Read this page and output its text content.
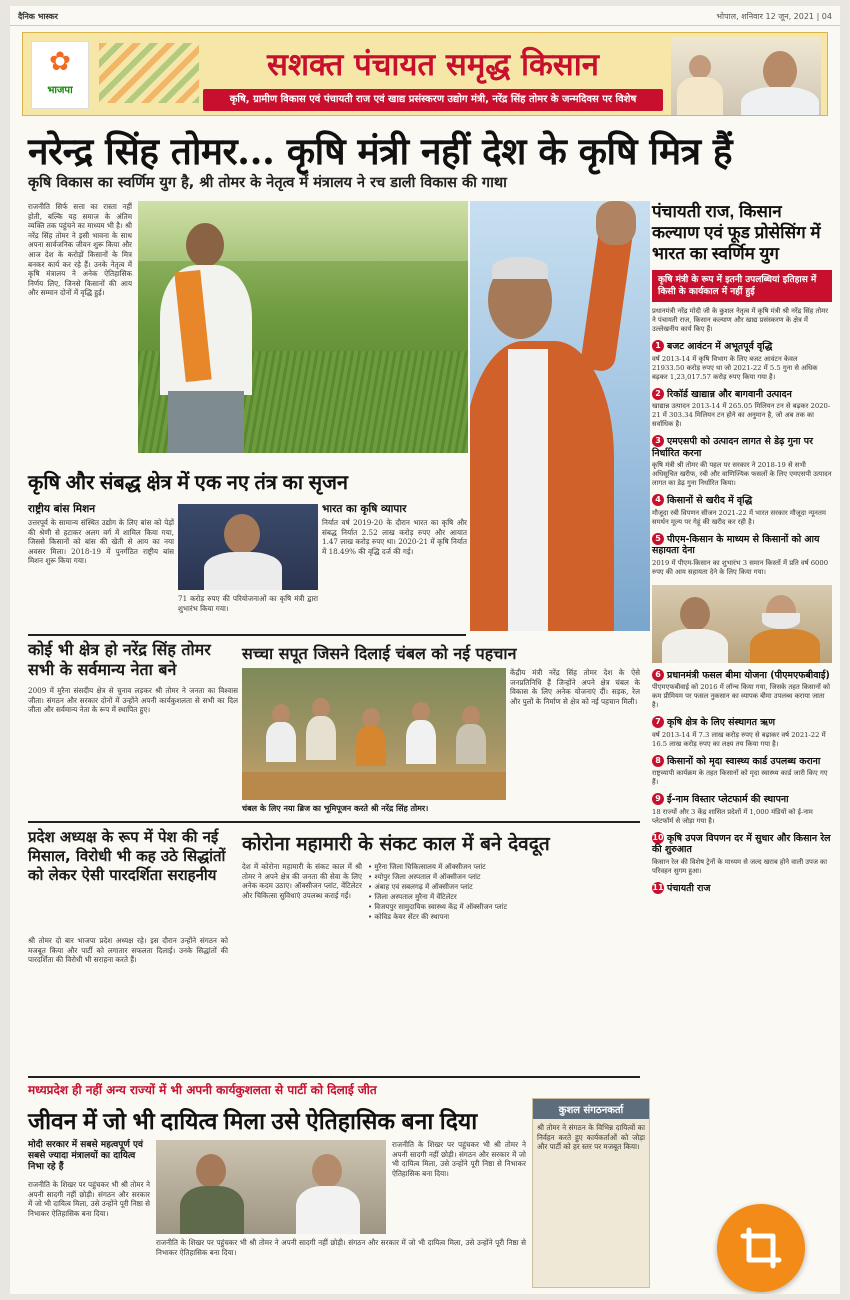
दैनिक भास्कर	भोपाल, शनिवार 12 जून, 2021 | 04
✿
भाजपा
सशक्त पंचायत समृद्ध किसान
कृषि, ग्रामीण विकास एवं पंचायती राज एवं खाद्य प्रसंस्करण उद्योग मंत्री, नरेंद्र सिंह तोमर के जन्मदिवस पर विशेष
नरेन्द्र सिंह तोमर... कृषि मंत्री नहीं देश के कृषि मित्र हैं
कृषि विकास का स्वर्णिम युग है, श्री तोमर के नेतृत्व में मंत्रालय ने रच डाली विकास की गाथा
राजनीति सिर्फ सत्ता का रास्ता नहीं होती, बल्कि यह समाज के अंतिम व्यक्ति तक पहुंचने का माध्यम भी है। श्री नरेंद्र सिंह तोमर ने इसी भावना के साथ अपना सार्वजनिक जीवन शुरू किया और आज देश के करोड़ों किसानों के मित्र बनकर कार्य कर रहे हैं। उनके नेतृत्व में कृषि मंत्रालय ने अनेक ऐतिहासिक निर्णय लिए, जिनसे किसानों की आय और सम्मान दोनों में वृद्धि हुई।
पंचायती राज, किसान कल्याण एवं फूड प्रोसेसिंग में भारत का स्वर्णिम युग
कृषि मंत्री के रूप में इतनी उपलब्धियां इतिहास में किसी के कार्यकाल में नहीं हुई
प्रधानमंत्री नरेंद्र मोदी जी के कुशल नेतृत्व में कृषि मंत्री श्री नरेंद्र सिंह तोमर ने पंचायती राज, किसान कल्याण और खाद्य प्रसंस्करण के क्षेत्र में उल्लेखनीय कार्य किए हैं।
1 बजट आवंटन में अभूतपूर्व वृद्धि
वर्ष 2013-14 में कृषि विभाग के लिए बजट आवंटन केवल 21933.50 करोड़ रुपए था जो 2021-22 में 5.5 गुना से अधिक बढ़कर 1,23,017.57 करोड़ रुपए किया गया है।
2 रिकॉर्ड खाद्यान्न और बागवानी उत्पादन
खाद्यान्न उत्पादन 2013-14 में 265.05 मिलियन टन से बढ़कर 2020-21 में 303.34 मिलियन टन होने का अनुमान है, जो अब तक का सर्वाधिक है।
3 एमएसपी को उत्पादन लागत से डेढ़ गुना पर निर्धारित करना
कृषि मंत्री श्री तोमर की पहल पर सरकार ने 2018-19 से सभी अधिसूचित खरीफ, रबी और वाणिज्यिक फसलों के लिए एमएसपी उत्पादन लागत का डेढ़ गुना निर्धारित किया।
4 किसानों से खरीद में वृद्धि
मौजूदा रबी विपणन सीजन 2021-22 में भारत सरकार मौजूदा न्यूनतम समर्थन मूल्य पर गेहूं की खरीद कर रही है।
5 पीएम-किसान के माध्यम से किसानों को आय सहायता देना
2019 में पीएम-किसान का शुभारंभ 3 समान किस्तों में प्रति वर्ष 6000 रुपए की आय सहायता देने के लिए किया गया।
6 प्रधानमंत्री फसल बीमा योजना (पीएमएफबीवाई)
पीएमएफबीवाई को 2016 में लॉन्च किया गया, जिसके तहत किसानों को कम प्रीमियम पर फसल नुकसान का व्यापक बीमा उपलब्ध कराया जाता है।
7 कृषि क्षेत्र के लिए संस्थागत ऋण
वर्ष 2013-14 में 7.3 लाख करोड़ रुपए से बढ़ाकर वर्ष 2021-22 में 16.5 लाख करोड़ रुपए का लक्ष्य तय किया गया है।
8 किसानों को मृदा स्वास्थ्य कार्ड उपलब्ध कराना
राष्ट्रव्यापी कार्यक्रम के तहत किसानों को मृदा स्वास्थ्य कार्ड जारी किए गए हैं।
9 ई-नाम विस्तार प्लेटफार्म की स्थापना
18 राज्यों और 3 केंद्र शासित प्रदेशों में 1,000 मंडियों को ई-नाम प्लेटफॉर्म से जोड़ा गया है।
10 कृषि उपज विपणन दर में सुधार और किसान रेल की शुरुआत
किसान रेल की विशेष ट्रेनों के माध्यम से जल्द खराब होने वाली उपज का परिवहन सुगम हुआ।
11 पंचायती राज
कृषि और संबद्ध क्षेत्र में एक नए तंत्र का सृजन
राष्ट्रीय बांस मिशन
उत्तरपूर्व के सामान्य संस्थित उद्योग के लिए बांस को पेड़ों की श्रेणी से हटाकर अलग वर्ग में शामिल किया गया, जिससे किसानों को बांस की खेती से आय का नया अवसर मिला। 2018-19 में पुनर्गठित राष्ट्रीय बांस मिशन शुरू किया गया।
71 करोड़ रुपए की परियोजनाओं का कृषि मंत्री द्वारा शुभारंभ किया गया।
भारत का कृषि व्यापार
निर्यात वर्ष 2019-20 के दौरान भारत का कृषि और संबद्ध निर्यात 2.52 लाख करोड़ रुपए और आयात 1.47 लाख करोड़ रुपए था। 2020-21 में कृषि निर्यात में 18.49% की वृद्धि दर्ज की गई।
कोई भी क्षेत्र हो नरेंद्र सिंह तोमर सभी के सर्वमान्य नेता बने
2009 में मुरैना संसदीय क्षेत्र से चुनाव लड़कर श्री तोमर ने जनता का विश्वास जीता। संगठन और सरकार दोनों में उन्होंने अपनी कार्यकुशलता से सभी का दिल जीता और सर्वमान्य नेता के रूप में स्थापित हुए।
सच्चा सपूत जिसने दिलाई चंबल को नई पहचान
चंबल के लिए नया ब्रिज का भूमिपूजन करते श्री नरेंद्र सिंह तोमर।
केंद्रीय मंत्री नरेंद्र सिंह तोमर देश के ऐसे जनप्रतिनिधि हैं जिन्होंने अपने क्षेत्र चंबल के विकास के लिए अनेक योजनाएं दीं। सड़क, रेल और पुलों के निर्माण से क्षेत्र को नई पहचान मिली।
प्रदेश अध्यक्ष के रूप में पेश की नई मिसाल, विरोधी भी कह उठे सिद्धांतों को लेकर ऐसी पारदर्शिता सराहनीय
श्री तोमर दो बार भाजपा प्रदेश अध्यक्ष रहे। इस दौरान उन्होंने संगठन को मजबूत किया और पार्टी को लगातार सफलता दिलाई। उनके सिद्धांतों की पारदर्शिता की विरोधी भी सराहना करते हैं।
कोरोना महामारी के संकट काल में बने देवदूत
देश में कोरोना महामारी के संकट काल में श्री तोमर ने अपने क्षेत्र की जनता की सेवा के लिए अनेक कदम उठाए। ऑक्सीजन प्लांट, वेंटिलेटर और चिकित्सा सुविधाएं उपलब्ध कराई गईं।
• मुरैना जिला चिकित्सालय में ऑक्सीजन प्लांट
• श्योपुर जिला अस्पताल में ऑक्सीजन प्लांट
• अंबाह एवं सबलगढ़ में ऑक्सीजन प्लांट
• जिला अस्पताल मुरैना में वेंटिलेटर
• विजयपुर सामुदायिक स्वास्थ्य केंद्र में ऑक्सीजन प्लांट
• कोविड केयर सेंटर की स्थापना
मध्यप्रदेश ही नहीं अन्य राज्यों में भी अपनी कार्यकुशलता से पार्टी को दिलाई जीत
जीवन में जो भी दायित्व मिला उसे ऐतिहासिक बना दिया
मोदी सरकार में सबसे महत्वपूर्ण एवं सबसे ज्यादा मंत्रालयों का दायित्व निभा रहे हैं
राजनीति के शिखर पर पहुंचकर भी श्री तोमर ने अपनी सादगी नहीं छोड़ी। संगठन और सरकार में जो भी दायित्व मिला, उसे उन्होंने पूरी निष्ठा से निभाकर ऐतिहासिक बना दिया।
राजनीति के शिखर पर पहुंचकर भी श्री तोमर ने अपनी सादगी नहीं छोड़ी। संगठन और सरकार में जो भी दायित्व मिला, उसे उन्होंने पूरी निष्ठा से निभाकर ऐतिहासिक बना दिया।
राजनीति के शिखर पर पहुंचकर भी श्री तोमर ने अपनी सादगी नहीं छोड़ी। संगठन और सरकार में जो भी दायित्व मिला, उसे उन्होंने पूरी निष्ठा से निभाकर ऐतिहासिक बना दिया।
कुशल संगठनकर्ता
श्री तोमर ने संगठन के विभिन्न दायित्वों का निर्वहन करते हुए कार्यकर्ताओं को जोड़ा और पार्टी को हर स्तर पर मजबूत किया।
